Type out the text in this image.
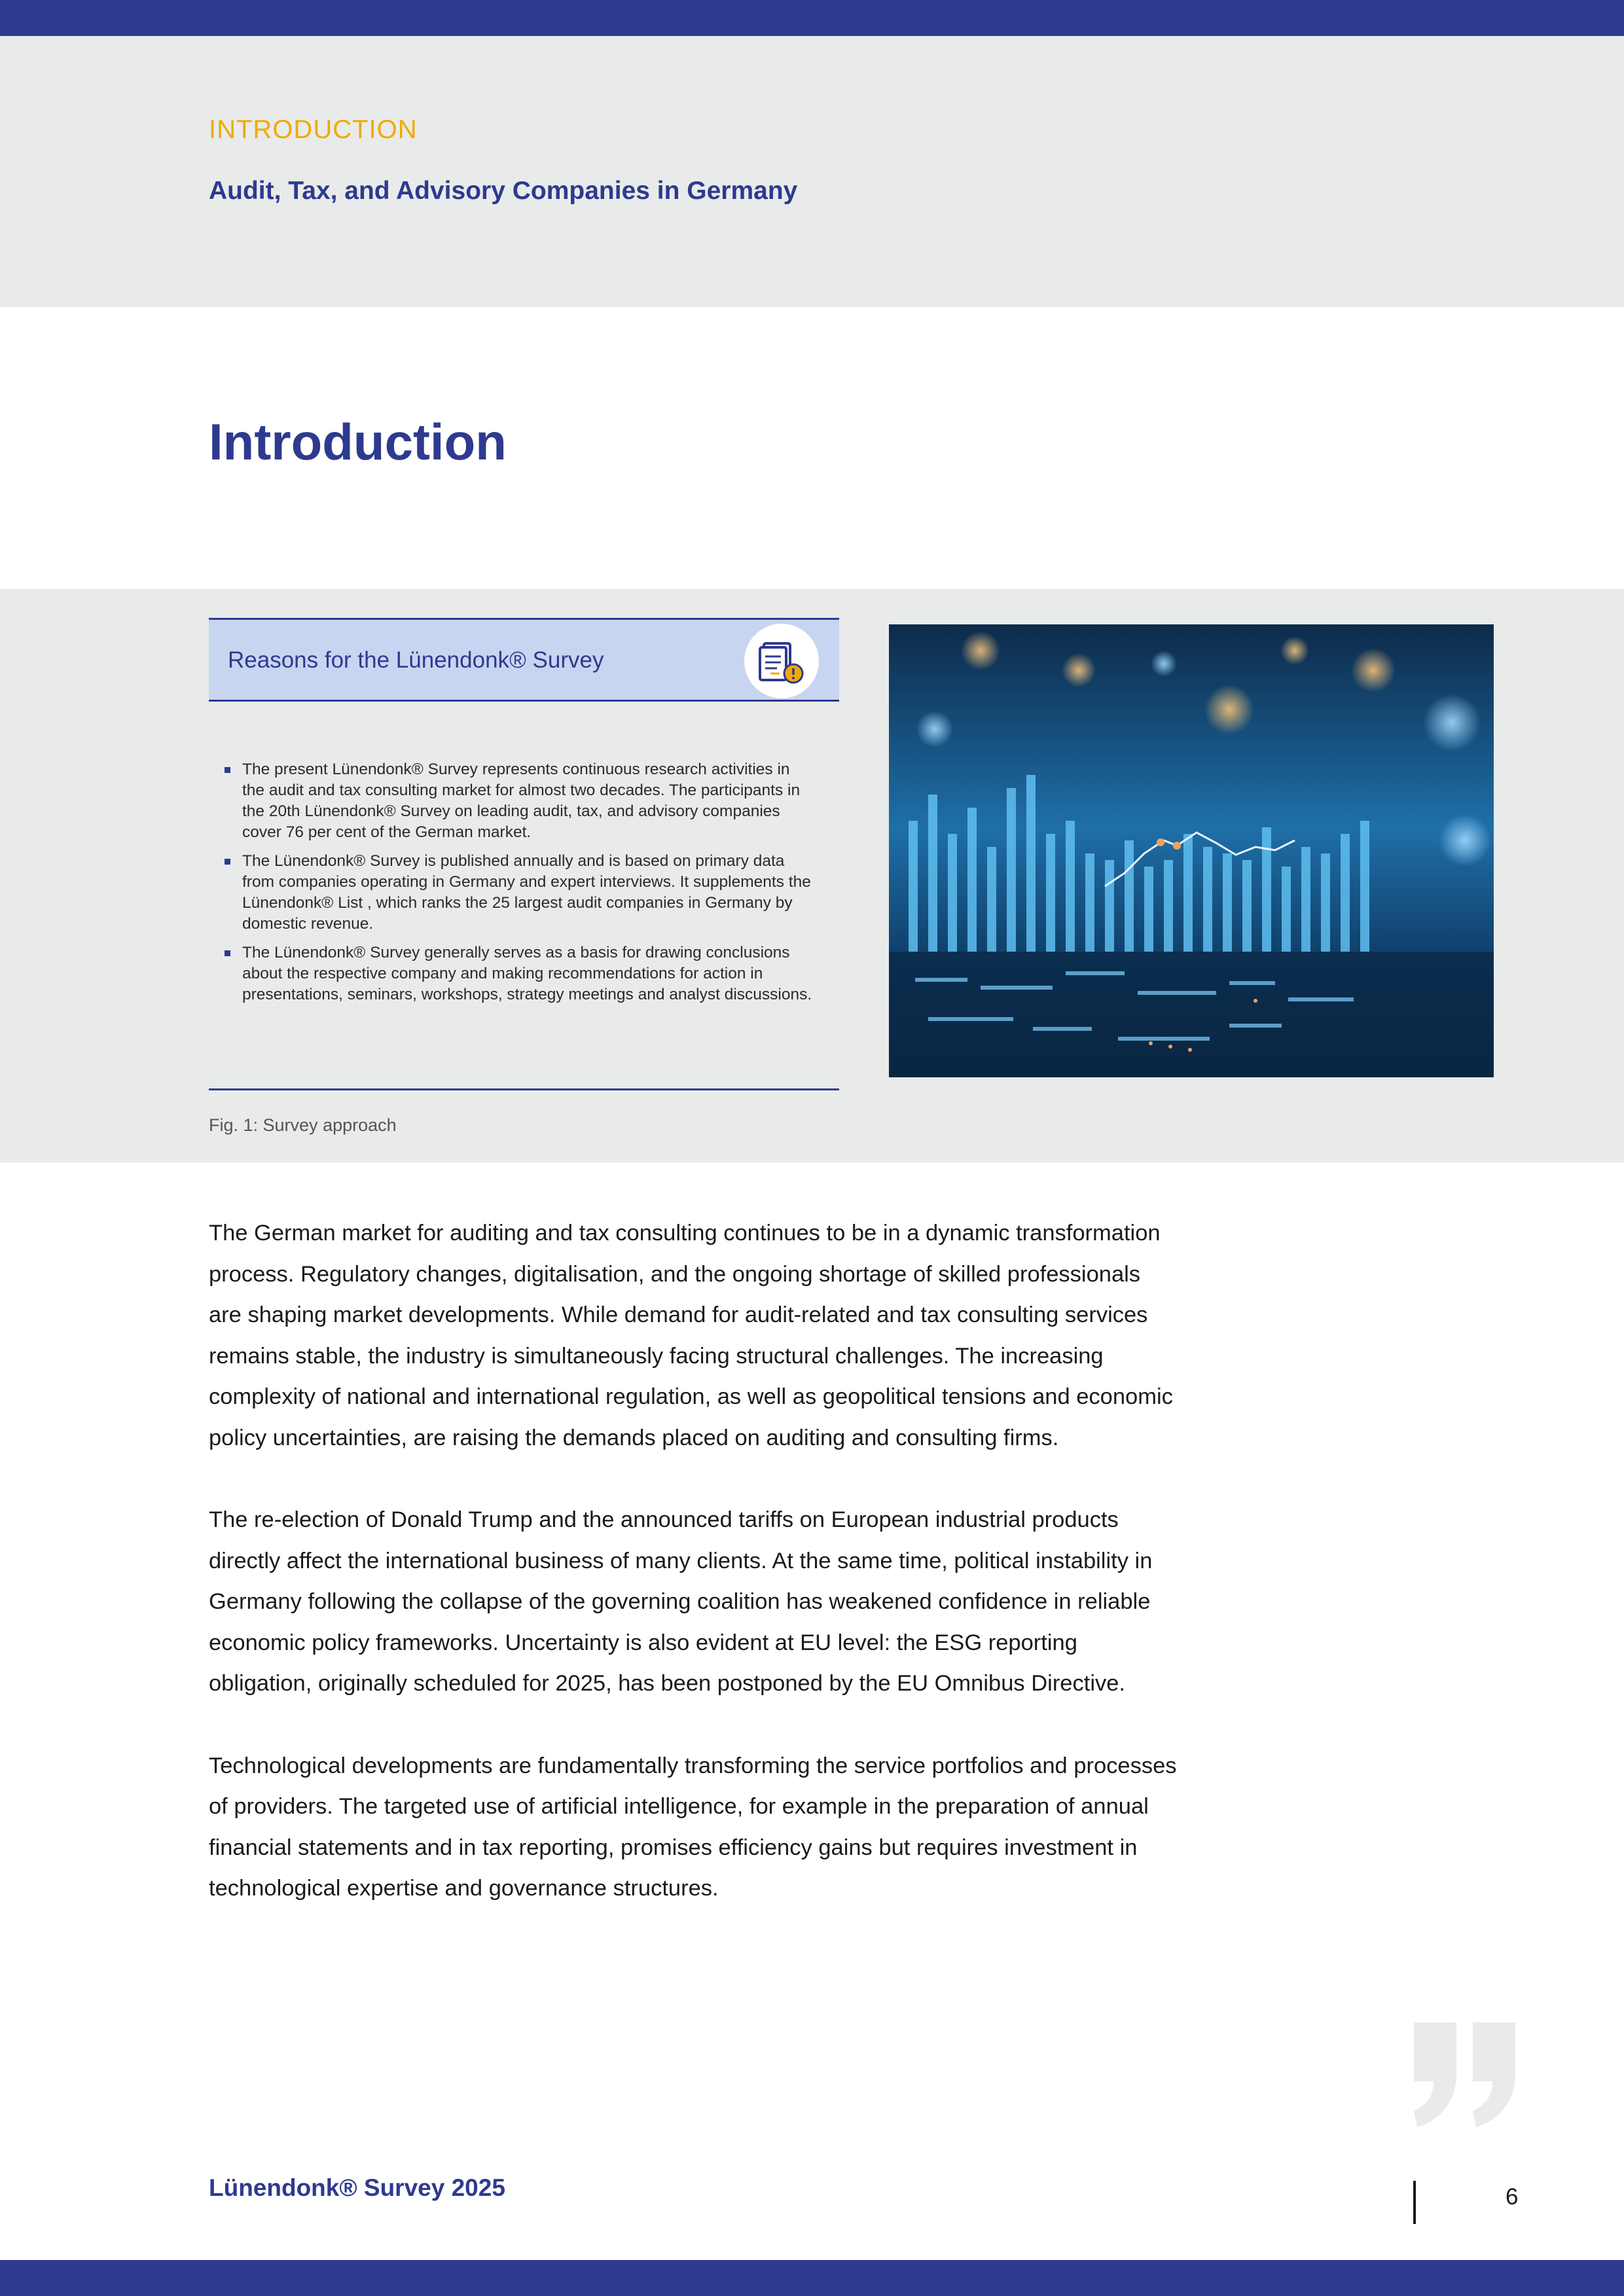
INTRODUCTION
Audit, Tax, and Advisory Companies in Germany
Introduction
Reasons for the Lünendonk® Survey
The present Lünendonk® Survey represents continuous research activities in the audit and tax consulting market for almost two decades. The participants in the 20th Lünendonk® Survey on leading audit, tax, and advisory companies cover 76 per cent of the German market.
The Lünendonk® Survey is published annually and is based on primary data from companies operating in Germany and expert interviews. It supplements the Lünendonk® List , which ranks the 25 largest audit companies in Germany by domestic revenue.
The Lünendonk® Survey generally serves as a basis for drawing conclusions about the respective company and making recommendations for action in presentations, seminars, workshops, strategy meetings and analyst discussions.
Fig. 1: Survey approach

The German market for auditing and tax consulting continues to be in a dynamic transformation process. Regulatory changes, digitalisation, and the ongoing shortage of skilled professionals are shaping market developments. While demand for audit-related and tax consulting services remains stable, the industry is simultaneously facing structural challenges. The increasing complexity of national and international regulation, as well as geopolitical tensions and economic policy uncertainties, are raising the demands placed on auditing and consulting firms.

The re-election of Donald Trump and the announced tariffs on European industrial products directly affect the international business of many clients. At the same time, political instability in Germany following the collapse of the governing coalition has weakened confidence in reliable economic policy frameworks. Uncertainty is also evident at EU level: the ESG reporting obligation, originally scheduled for 2025, has been postponed by the EU Omnibus Directive.

Technological developments are fundamentally transforming the service portfolios and processes of providers. The targeted use of artificial intelligence, for example in the preparation of annual financial statements and in tax reporting, promises efficiency gains but requires investment in technological expertise and governance structures.

Lünendonk® Survey 2025	6
